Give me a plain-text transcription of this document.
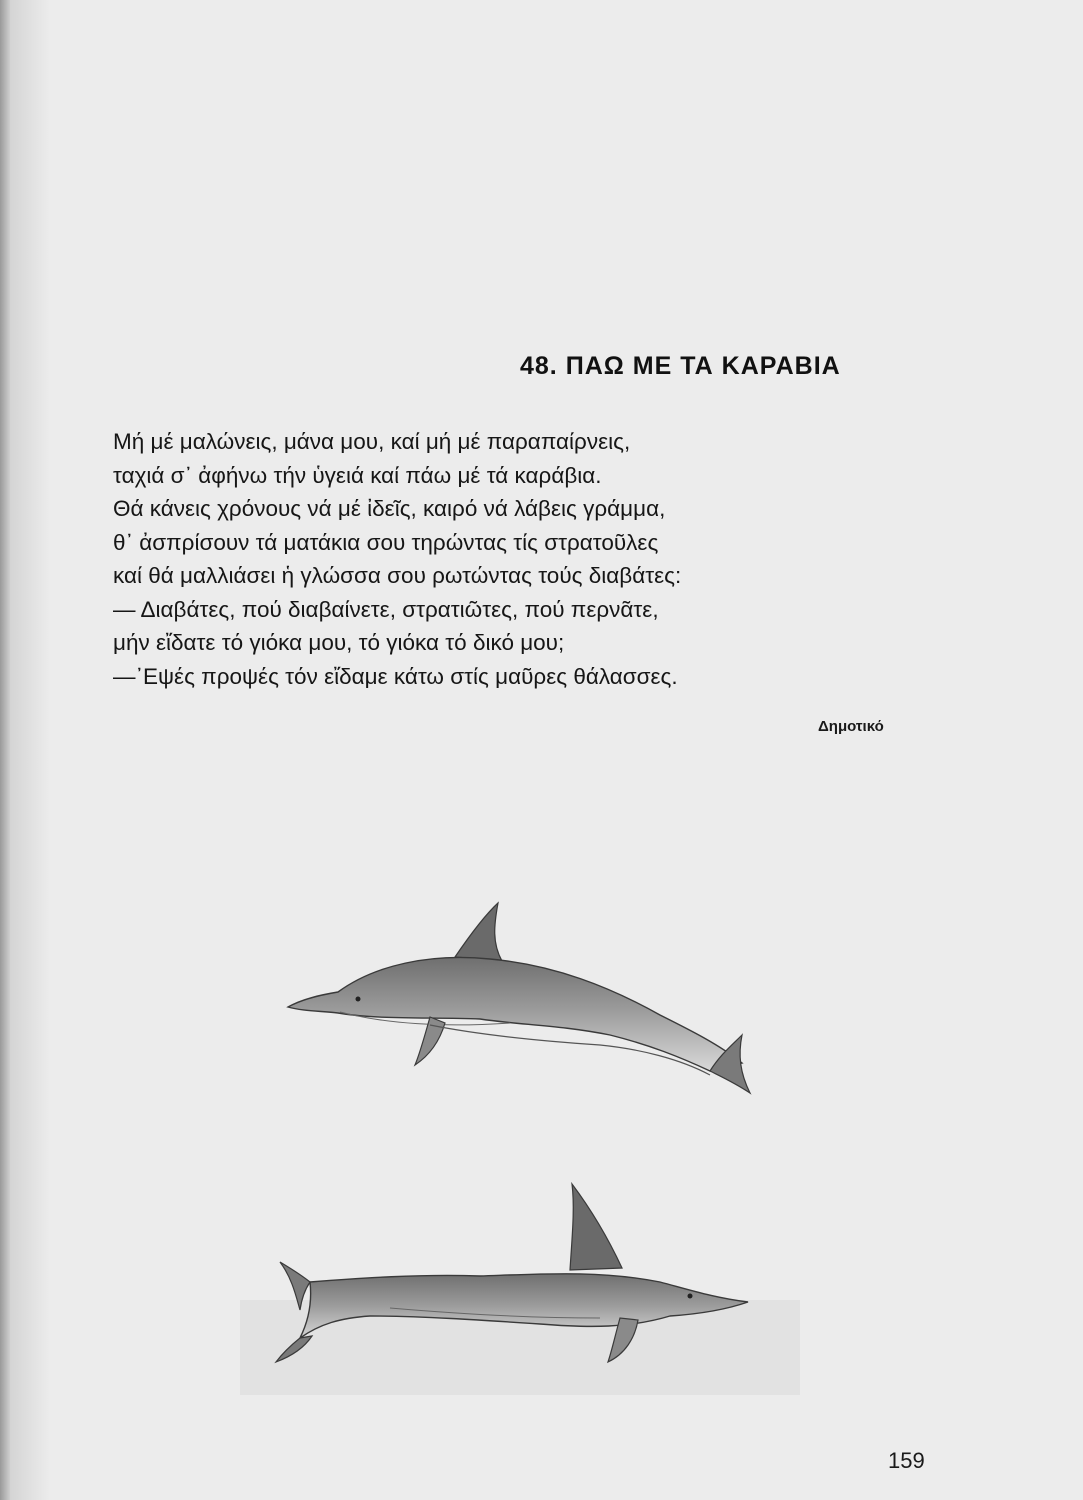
48. ΠΑΩ ΜΕ ΤΑ ΚΑΡΑΒΙΑ
Μή μέ μαλώνεις, μάνα μου, καί μή μέ παραπαίρνεις,
ταχιά σ᾽ ἀφήνω τήν ὑγειά καί πάω μέ τά καράβια.
Θά κάνεις χρόνους νά μέ ἰδεῖς, καιρό νά λάβεις γράμμα,
θ᾽ ἀσπρίσουν τά ματάκια σου τηρώντας τίς στρατοῦλες
καί θά μαλλιάσει ἡ γλώσσα σου ρωτώντας τούς διαβάτες:
— Διαβάτες, πού διαβαίνετε, στρατιῶτες, πού περνᾶτε,
μήν εἴδατε τό γιόκα μου, τό γιόκα τό δικό μου;
—᾿Εψές προψές τόν εἴδαμε κάτω στίς μαῦρες θάλασσες.
Δημοτικό
159
